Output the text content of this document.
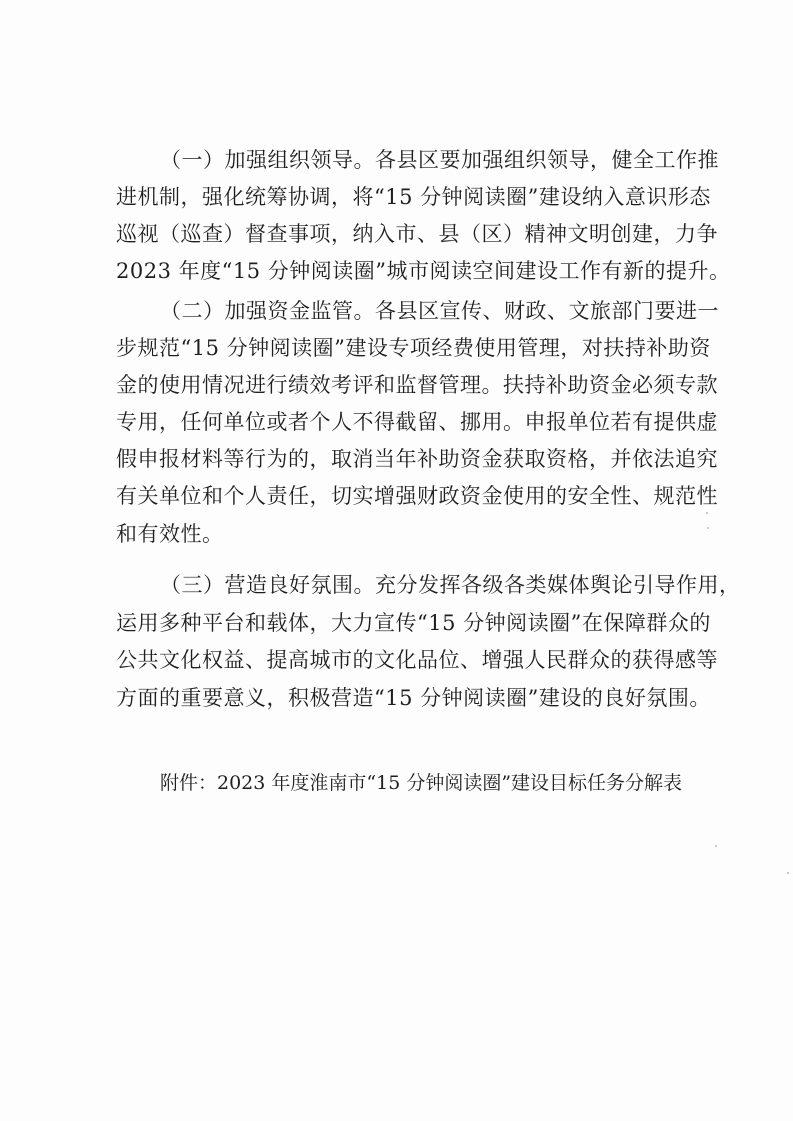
（一）加强组织领导。各县区要加强组织领导，健全工作推
进机制，强化统筹协调，将“15 分钟阅读圈”建设纳入意识形态
巡视（巡查）督查事项，纳入市、县（区）精神文明创建，力争
2023 年度“15 分钟阅读圈”城市阅读空间建设工作有新的提升。
（二）加强资金监管。各县区宣传、财政、文旅部门要进一
步规范“15 分钟阅读圈”建设专项经费使用管理，对扶持补助资
金的使用情况进行绩效考评和监督管理。扶持补助资金必须专款
专用，任何单位或者个人不得截留、挪用。申报单位若有提供虚
假申报材料等行为的，取消当年补助资金获取资格，并依法追究
有关单位和个人责任，切实增强财政资金使用的安全性、规范性
和有效性。
（三）营造良好氛围。充分发挥各级各类媒体舆论引导作用，
运用多种平台和载体，大力宣传“15 分钟阅读圈”在保障群众的
公共文化权益、提高城市的文化品位、增强人民群众的获得感等
方面的重要意义，积极营造“15 分钟阅读圈”建设的良好氛围。
附件：2023 年度淮南市“15 分钟阅读圈”建设目标任务分解表
